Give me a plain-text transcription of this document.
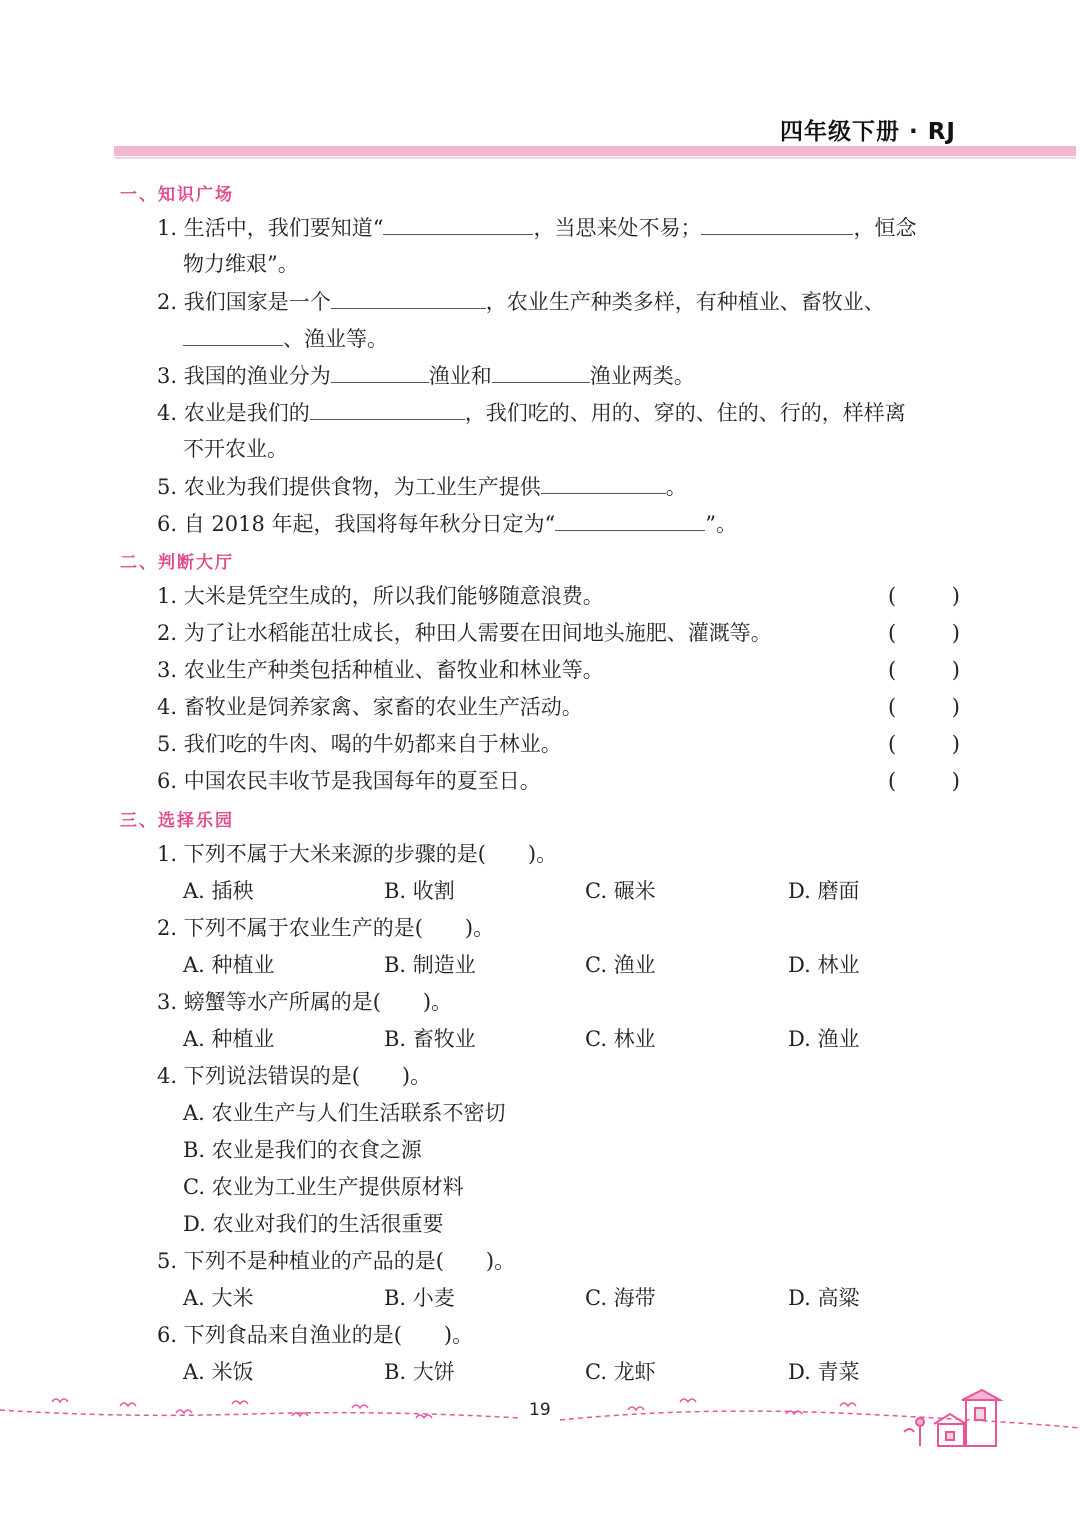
四年级下册 · RJ
一、知识广场
1. 生活中，我们要知道“	，当思来处不易；	，恒念
物力维艰”。
2. 我们国家是一个	，农业生产种类多样，有种植业、畜牧业、
、渔业等。
3. 我国的渔业分为	渔业和	渔业两类。
4. 农业是我们的	，我们吃的、用的、穿的、住的、行的，样样离
不开农业。
5. 农业为我们提供食物，为工业生产提供	。
6. 自 2018 年起，我国将每年秋分日定为“	”。
二、判断大厅
1. 大米是凭空生成的，所以我们能够随意浪费。	(	)
2. 为了让水稻能茁壮成长，种田人需要在田间地头施肥、灌溉等。	(	)
3. 农业生产种类包括种植业、畜牧业和林业等。	(	)
4. 畜牧业是饲养家禽、家畜的农业生产活动。	(	)
5. 我们吃的牛肉、喝的牛奶都来自于林业。	(	)
6. 中国农民丰收节是我国每年的夏至日。	(	)
三、选择乐园
1. 下列不属于大米来源的步骤的是(　　)。
A. 插秧	B. 收割	C. 碾米	D. 磨面
2. 下列不属于农业生产的是(　　)。
A. 种植业	B. 制造业	C. 渔业	D. 林业
3. 螃蟹等水产所属的是(　　)。
A. 种植业	B. 畜牧业	C. 林业	D. 渔业
4. 下列说法错误的是(　　)。
A. 农业生产与人们生活联系不密切
B. 农业是我们的衣食之源
C. 农业为工业生产提供原材料
D. 农业对我们的生活很重要
5. 下列不是种植业的产品的是(　　)。
A. 大米	B. 小麦	C. 海带	D. 高粱
6. 下列食品来自渔业的是(　　)。
A. 米饭	B. 大饼	C. 龙虾	D. 青菜
19
